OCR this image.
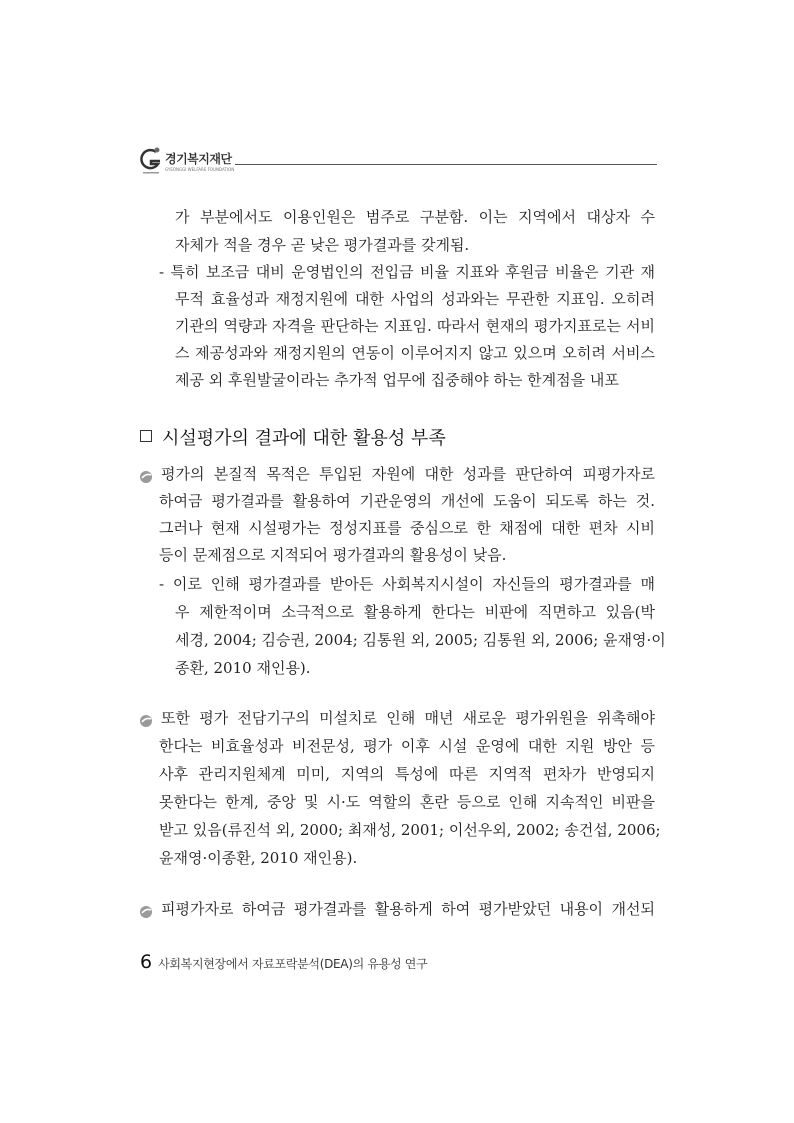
경기복지재단
GYEONGGI WELFARE FOUNDATION
가 부분에서도 이용인원은 범주로 구분함. 이는 지역에서 대상자 수
자체가 적을 경우 곧 낮은 평가결과를 갖게됨.
- 특히 보조금 대비 운영법인의 전입금 비율 지표와 후원금 비율은 기관 재
무적 효율성과 재정지원에 대한 사업의 성과와는 무관한 지표임. 오히려
기관의 역량과 자격을 판단하는 지표임. 따라서 현재의 평가지표로는 서비
스 제공성과와 재정지원의 연동이 이루어지지 않고 있으며 오히려 서비스
제공 외 후원발굴이라는 추가적 업무에 집중해야 하는 한계점을 내포
시설평가의 결과에 대한 활용성 부족
평가의 본질적 목적은 투입된 자원에 대한 성과를 판단하여 피평가자로
하여금 평가결과를 활용하여 기관운영의 개선에 도움이 되도록 하는 것.
그러나 현재 시설평가는 정성지표를 중심으로 한 채점에 대한 편차 시비
등이 문제점으로 지적되어 평가결과의 활용성이 낮음.
- 이로 인해 평가결과를 받아든 사회복지시설이 자신들의 평가결과를 매
우 제한적이며 소극적으로 활용하게 한다는 비판에 직면하고 있음(박
세경, 2004; 김승권, 2004; 김통원 외, 2005; 김통원 외, 2006; 윤재영·이
종환, 2010 재인용).
또한 평가 전담기구의 미설치로 인해 매년 새로운 평가위원을 위촉해야
한다는 비효율성과 비전문성, 평가 이후 시설 운영에 대한 지원 방안 등
사후 관리지원체계 미미, 지역의 특성에 따른 지역적 편차가 반영되지
못한다는 한계, 중앙 및 시·도 역할의 혼란 등으로 인해 지속적인 비판을
받고 있음(류진석 외, 2000; 최재성, 2001; 이선우외, 2002; 송건섭, 2006;
윤재영·이종환, 2010 재인용).
피평가자로 하여금 평가결과를 활용하게 하여 평가받았던 내용이 개선되
6 사회복지현장에서 자료포락분석(DEA)의 유용성 연구
